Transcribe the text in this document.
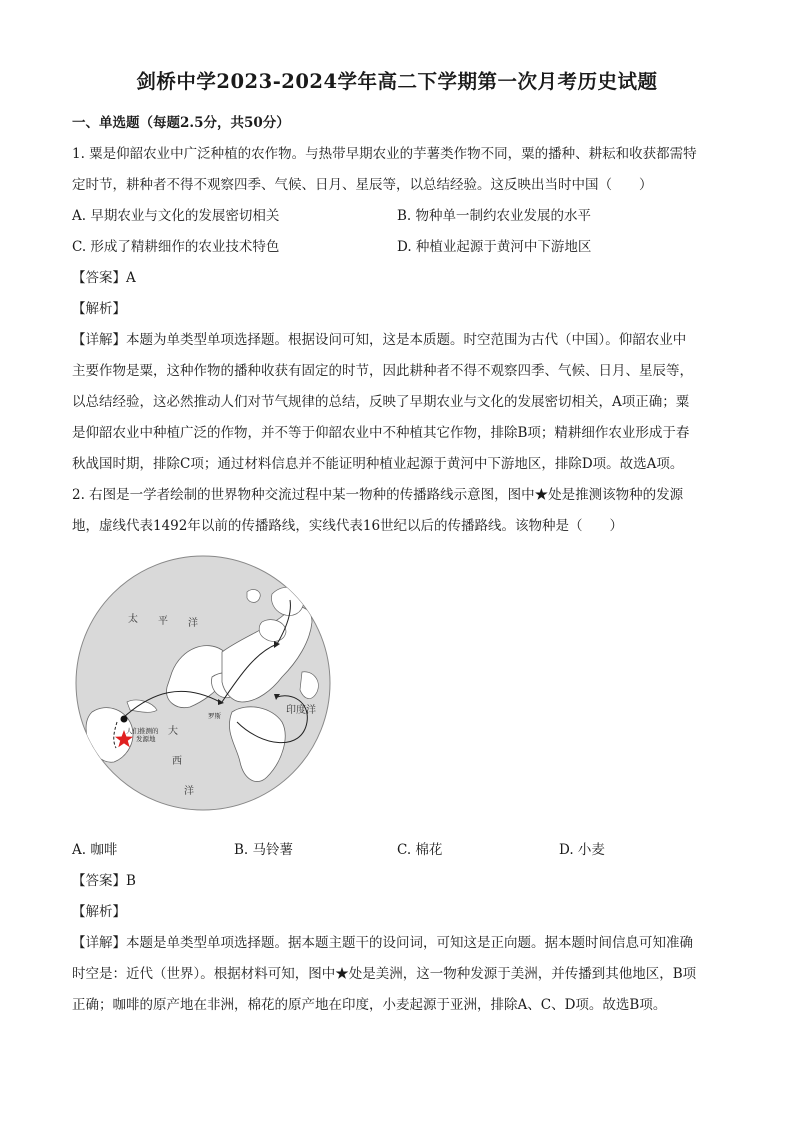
剑桥中学2023-2024学年高二下学期第一次月考历史试题
一、单选题（每题2.5分，共50分）
1. 粟是仰韶农业中广泛种植的农作物。与热带早期农业的芋薯类作物不同，粟的播种、耕耘和收获都需特
定时节，耕种者不得不观察四季、气候、日月、星辰等，以总结经验。这反映出当时中国（　　）
A. 早期农业与文化的发展密切相关	B. 物种单一制约农业发展的水平
C. 形成了精耕细作的农业技术特色	D. 种植业起源于黄河中下游地区
【答案】A
【解析】
【详解】本题为单类型单项选择题。根据设问可知，这是本质题。时空范围为古代（中国）。仰韶农业中
主要作物是粟，这种作物的播种收获有固定的时节，因此耕种者不得不观察四季、气候、日月、星辰等，
以总结经验，这必然推动人们对节气规律的总结，反映了早期农业与文化的发展密切相关，A项正确；粟
是仰韶农业中种植广泛的作物，并不等于仰韶农业中不种植其它作物，排除B项；精耕细作农业形成于春
秋战国时期，排除C项；通过材料信息并不能证明种植业起源于黄河中下游地区，排除D项。故选A项。
2. 右图是一学者绘制的世界物种交流过程中某一物种的传播路线示意图，图中★处是推测该物种的发源
地，虚线代表1492年以前的传播路线，实线代表16世纪以后的传播路线。该物种是（　　）
太 平 洋
印度洋
大
西
洋
人们推测的
发源地
罗斯
A. 咖啡	B. 马铃薯	C. 棉花	D. 小麦
【答案】B
【解析】
【详解】本题是单类型单项选择题。据本题主题干的设问词，可知这是正向题。据本题时间信息可知准确
时空是：近代（世界）。根据材料可知，图中★处是美洲，这一物种发源于美洲，并传播到其他地区，B项
正确；咖啡的原产地在非洲，棉花的原产地在印度，小麦起源于亚洲，排除A、C、D项。故选B项。
